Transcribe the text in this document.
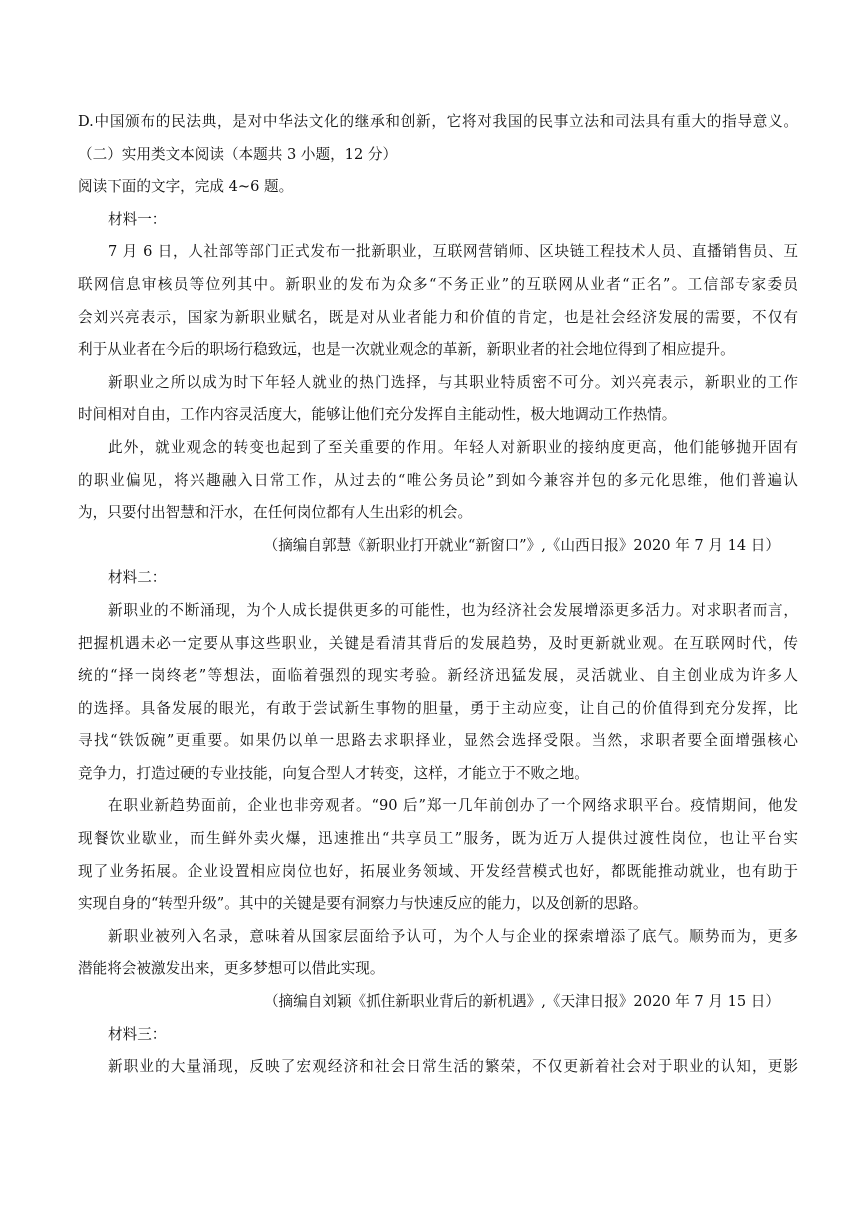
D.中国颁布的民法典，是对中华法文化的继承和创新，它将对我国的民事立法和司法具有重大的指导意义。

（二）实用类文本阅读（本题共 3 小题，12 分）

阅读下面的文字，完成 4~6 题。

材料一：

7 月 6 日，人社部等部门正式发布一批新职业，互联网营销师、区块链工程技术人员、直播销售员、互

联网信息审核员等位列其中。新职业的发布为众多“不务正业”的互联网从业者“正名”。工信部专家委员

会刘兴亮表示，国家为新职业赋名，既是对从业者能力和价值的肯定，也是社会经济发展的需要，不仅有

利于从业者在今后的职场行稳致远，也是一次就业观念的革新，新职业者的社会地位得到了相应提升。

新职业之所以成为时下年轻人就业的热门选择，与其职业特质密不可分。刘兴亮表示，新职业的工作

时间相对自由，工作内容灵活度大，能够让他们充分发挥自主能动性，极大地调动工作热情。

此外，就业观念的转变也起到了至关重要的作用。年轻人对新职业的接纳度更高，他们能够抛开固有

的职业偏见，将兴趣融入日常工作，从过去的“唯公务员论”到如今兼容并包的多元化思维，他们普遍认

为，只要付出智慧和汗水，在任何岗位都有人生出彩的机会。

（摘编自郭慧《新职业打开就业“新窗口”》,《山西日报》2020 年 7 月 14 日）

材料二：

新职业的不断涌现，为个人成长提供更多的可能性，也为经济社会发展增添更多活力。对求职者而言，

把握机遇未必一定要从事这些职业，关键是看清其背后的发展趋势，及时更新就业观。在互联网时代，传

统的“择一岗终老”等想法，面临着强烈的现实考验。新经济迅猛发展，灵活就业、自主创业成为许多人

的选择。具备发展的眼光，有敢于尝试新生事物的胆量，勇于主动应变，让自己的价值得到充分发挥，比

寻找“铁饭碗”更重要。如果仍以单一思路去求职择业，显然会选择受限。当然，求职者要全面增强核心

竞争力，打造过硬的专业技能，向复合型人才转变，这样，才能立于不败之地。

在职业新趋势面前，企业也非旁观者。“90 后”郑一几年前创办了一个网络求职平台。疫情期间，他发

现餐饮业歇业，而生鲜外卖火爆，迅速推出“共享员工”服务，既为近万人提供过渡性岗位，也让平台实

现了业务拓展。企业设置相应岗位也好，拓展业务领域、开发经营模式也好，都既能推动就业，也有助于

实现自身的“转型升级”。其中的关键是要有洞察力与快速反应的能力，以及创新的思路。

新职业被列入名录，意味着从国家层面给予认可，为个人与企业的探索增添了底气。顺势而为，更多

潜能将会被激发出来，更多梦想可以借此实现。

（摘编自刘颖《抓住新职业背后的新机遇》,《天津日报》2020 年 7 月 15 日）

材料三：

新职业的大量涌现，反映了宏观经济和社会日常生活的繁荣，不仅更新着社会对于职业的认知，更影
